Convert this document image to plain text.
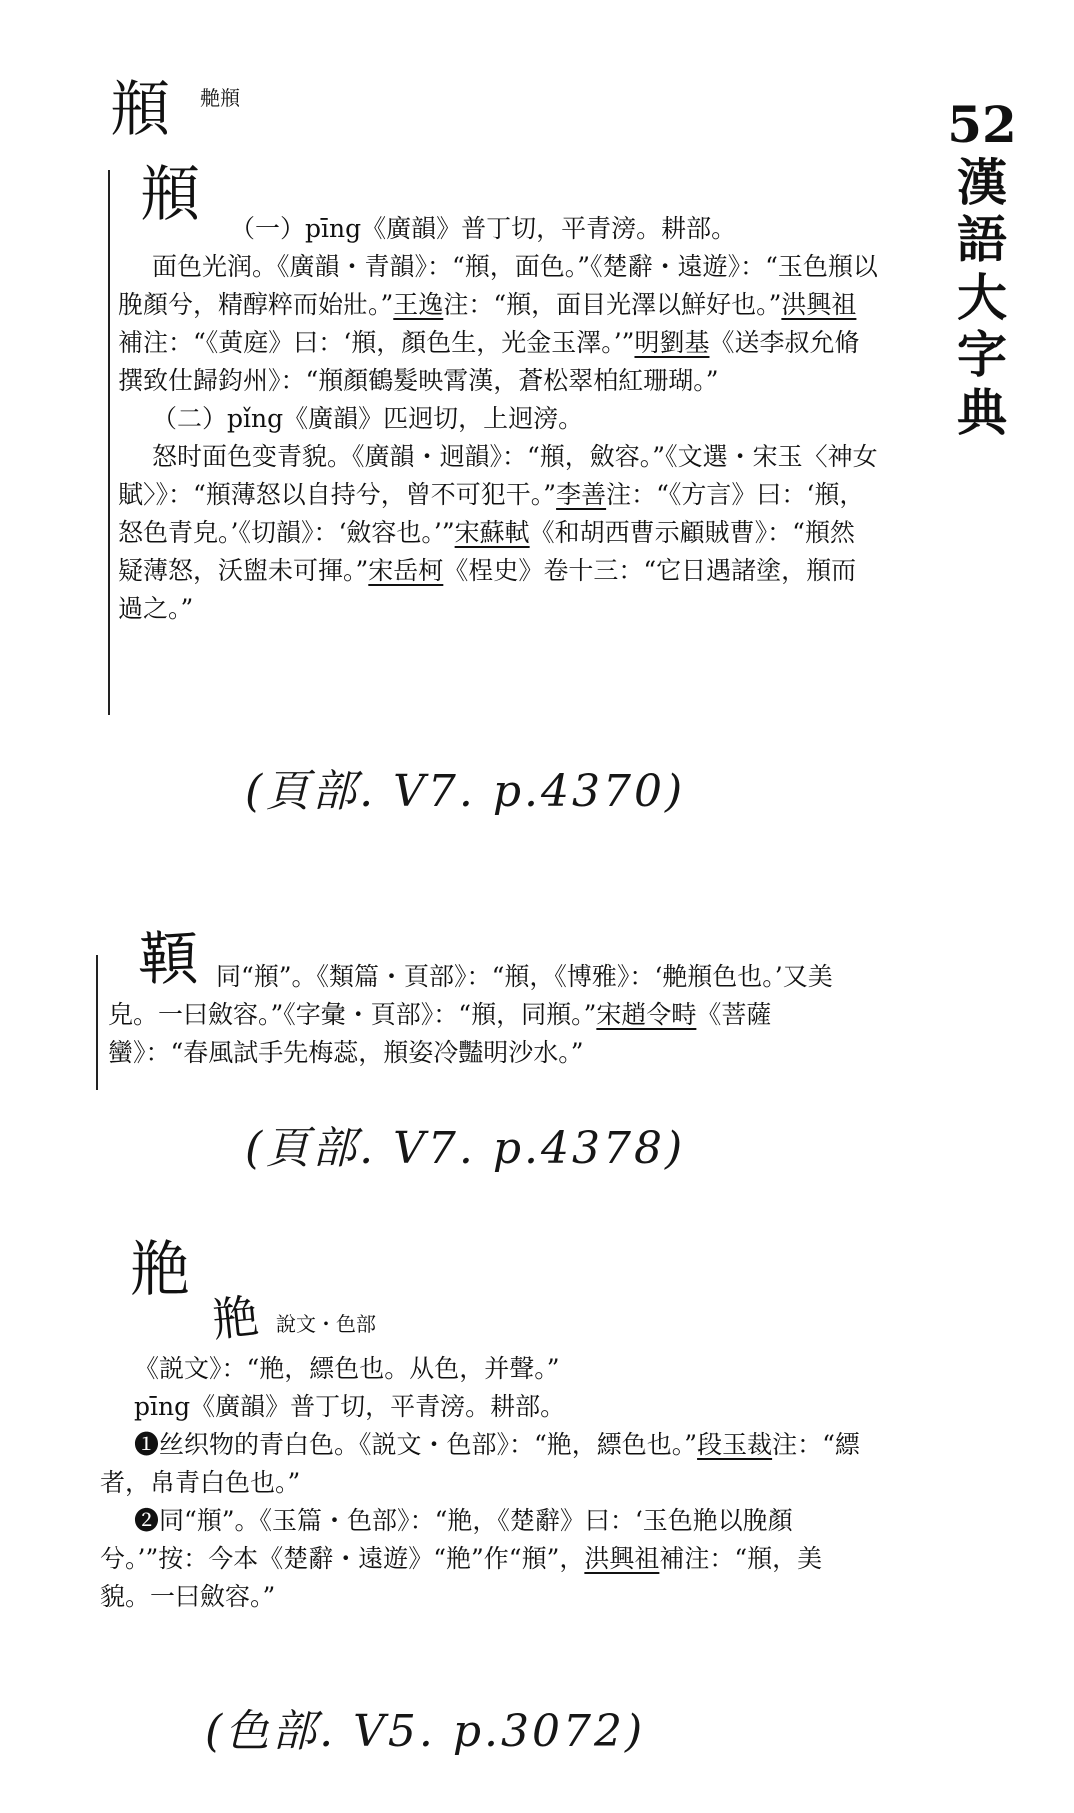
頩 艴頩	52
漢
語
大
字
典
頩	（一）pīng《廣韻》普丁切，平青滂。耕部。

面色光润。《廣韻・青韻》：“頩，面色。”《楚辭・遠遊》：“玉色頩以脕顏兮，精醇粹而始壯。”王逸注：“頩，面目光澤以鮮好也。”洪興祖補注：“《黄庭》曰：‘頩，顏色生，光金玉澤。’”明劉基《送李叔允脩撰致仕歸鈞州》：“頩顏鶴髮映霄漢，蒼松翠柏紅珊瑚。”

（二）pǐng《廣韻》匹迥切，上迥滂。

怒时面色变青貌。《廣韻・迥韻》：“頩，斂容。”《文選・宋玉〈神女賦〉》：“頩薄怒以自持兮，曾不可犯干。”李善注：“《方言》曰：‘頩，怒色青皃。’《切韻》：‘斂容也。’”宋蘇軾《和胡西曹示顧賊曹》：“頩然疑薄怒，沃盥未可揮。”宋岳柯《桯史》卷十三：“它日遇諸塗，頩而過之。”

(頁部. V7. p.4370)
𩔈 同“頩”。《類篇・頁部》：“頩，《博雅》：‘艴頩色也。’又美皃。一曰斂容。”《字彙・頁部》：“頩，同頩。”宋趙令畤《菩薩蠻》：“春風試手先梅蕊，頩姿冷豔明沙水。”

(頁部. V7. p.4378)
艵
艵 說文・色部

《説文》：“艵，縹色也。从色，并聲。”

pīng《廣韻》普丁切，平青滂。耕部。

❶丝织物的青白色。《説文・色部》：“艵，縹色也。”段玉裁注：“縹者，帛青白色也。”

❷同“頩”。《玉篇・色部》：“艵，《楚辭》曰：‘玉色艵以脕顏兮。’”按：今本《楚辭・遠遊》“艵”作“頩”，洪興祖補注：“頩，美貌。一曰斂容。”

(色部. V5. p.3072)
